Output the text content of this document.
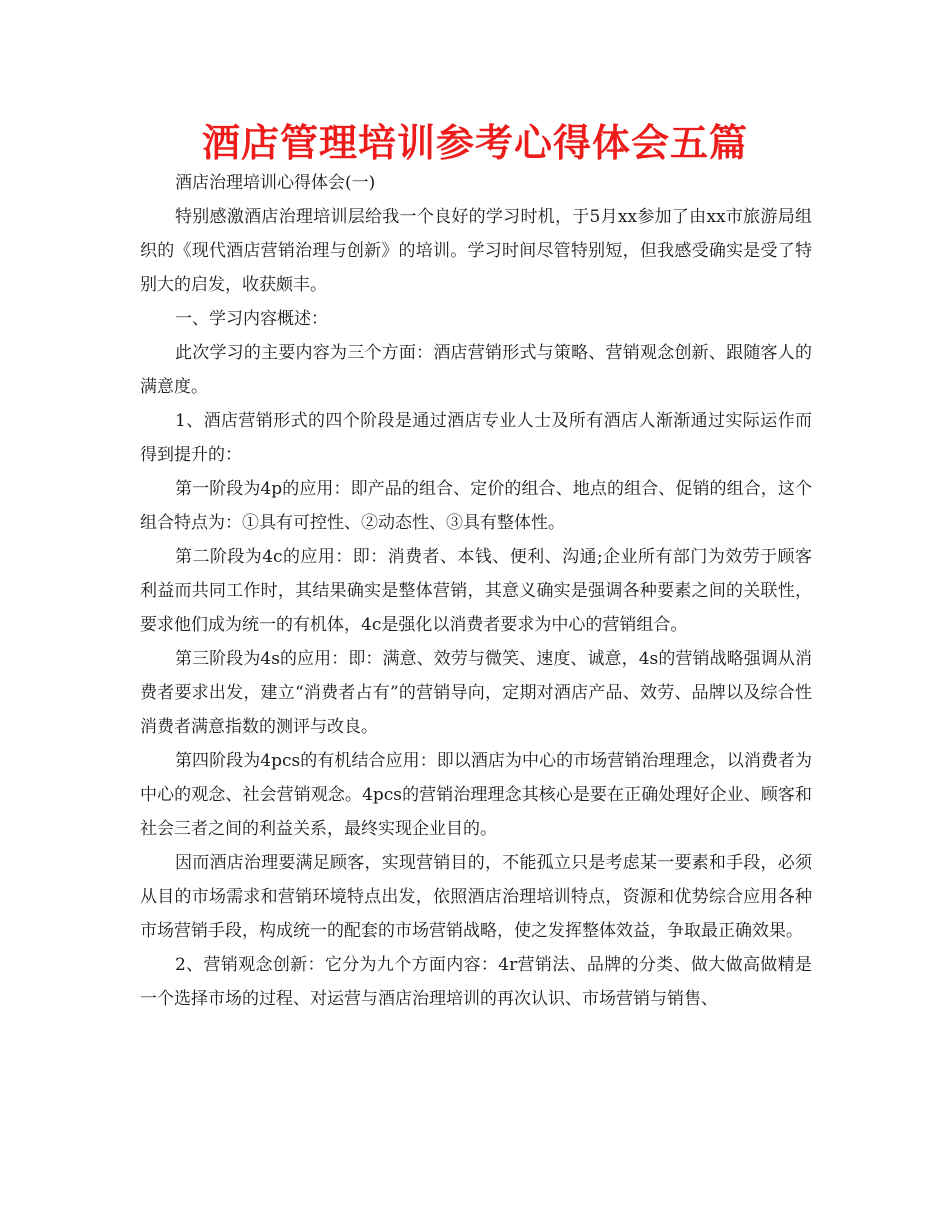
酒店管理培训参考心得体会五篇

酒店治理培训心得体会(一)

特别感激酒店治理培训层给我一个良好的学习时机，于5月xx参加了由xx市旅游局组织的《现代酒店营销治理与创新》的培训。学习时间尽管特别短，但我感受确实是受了特别大的启发，收获颇丰。

一、学习内容概述：

此次学习的主要内容为三个方面：酒店营销形式与策略、营销观念创新、跟随客人的满意度。

1、酒店营销形式的四个阶段是通过酒店专业人士及所有酒店人渐渐通过实际运作而得到提升的：

第一阶段为4p的应用：即产品的组合、定价的组合、地点的组合、促销的组合，这个组合特点为：①具有可控性、②动态性、③具有整体性。

第二阶段为4c的应用：即：消费者、本钱、便利、沟通;企业所有部门为效劳于顾客利益而共同工作时，其结果确实是整体营销，其意义确实是强调各种要素之间的关联性，要求他们成为统一的有机体，4c是强化以消费者要求为中心的营销组合。

第三阶段为4s的应用：即：满意、效劳与微笑、速度、诚意，4s的营销战略强调从消费者要求出发，建立“消费者占有”的营销导向，定期对酒店产品、效劳、品牌以及综合性消费者满意指数的测评与改良。

第四阶段为4pcs的有机结合应用：即以酒店为中心的市场营销治理理念，以消费者为中心的观念、社会营销观念。4pcs的营销治理理念其核心是要在正确处理好企业、顾客和社会三者之间的利益关系，最终实现企业目的。

因而酒店治理要满足顾客，实现营销目的，不能孤立只是考虑某一要素和手段，必须从目的市场需求和营销环境特点出发，依照酒店治理培训特点，资源和优势综合应用各种市场营销手段，构成统一的配套的市场营销战略，使之发挥整体效益，争取最正确效果。

2、营销观念创新：它分为九个方面内容：4r营销法、品牌的分类、做大做高做精是一个选择市场的过程、对运营与酒店治理培训的再次认识、市场营销与销售、
